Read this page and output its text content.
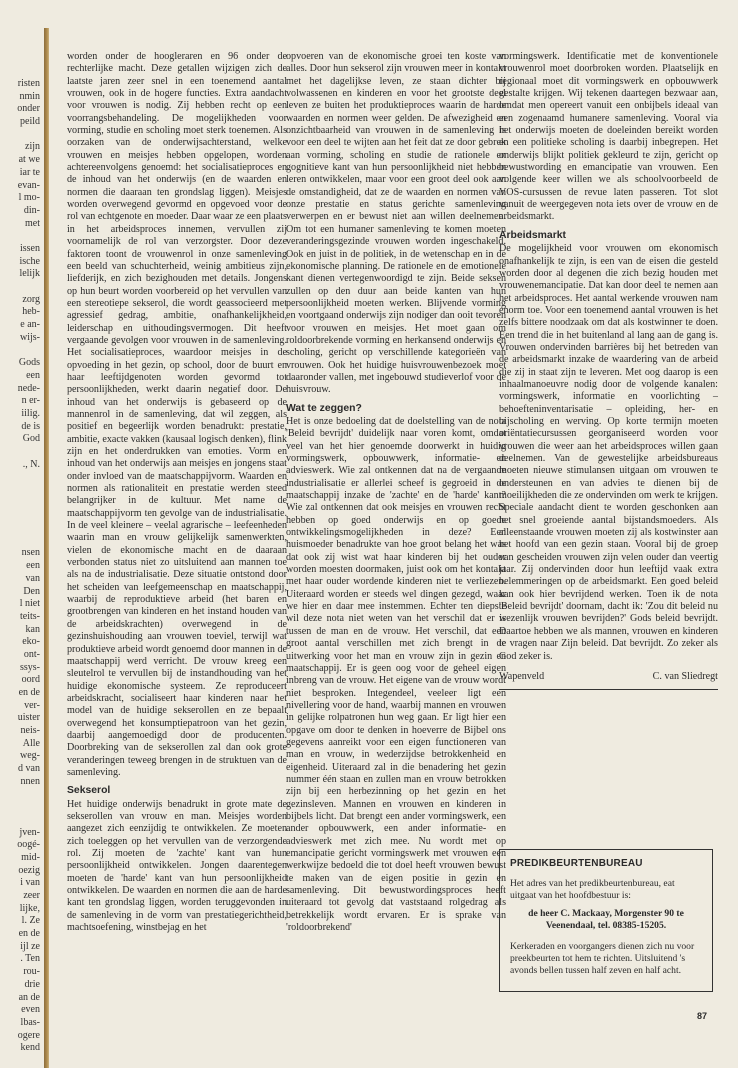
risten
nmin
onder
peild
zijn
at we
iar te
evan-
l mo-
din-
met
issen
ische
lelijk
zorg
heb-
e an-
wijs-
Gods
een
nede-
n er-
iilig.
de is
God
., N.
nsen
een
van
Den
l niet
teits-
kan
eko-
ont-
ssys-
oord
en de
ver-
uister
neis-
Alle
weg-
d van
nnen
jven-
oogé-
mid-
oezig
i van
zeer
lijke,
l. Ze
en de
ijl ze
. Ten
rou-
drie
an de
even
lbas-
ogere
kend

worden onder de hoogleraren en 96 onder de rechterlijke macht. Deze getallen wijzigen zich de laatste jaren zeer snel in een toenemend aantal vrouwen, ook in de hogere functies. Extra aandacht voor vrouwen is nodig. Zij hebben recht op een voorrangsbehandeling. De mogelijkheden voor vorming, studie en scholing moet sterk toenemen. Als oorzaken van de onderwijsachterstand, welke vrouwen en meisjes hebben opgelopen, worden achtereenvolgens genoemd: het socialisatieproces en de inhoud van het onderwijs (en de waarden en normen die daaraan ten grondslag liggen). Meisjes worden overwegend gevormd en opgevoed voor de rol van echtgenote en moeder. Daar waar ze een plaats in het arbeidsproces innemen, vervullen zij voornamelijk de rol van verzorgster. Door deze faktoren toont de vrouwenrol in onze samenleving een beeld van schuchterheid, weinig ambitieus zijn, liefderijk, en zich bezighouden met details. Jongens op hun beurt worden voorbereid op het vervullen van een stereotiepe sekserol, die wordt geassocieerd met agressief gedrag, ambitie, onafhankelijkheid, leiderschap en uithoudingsvermogen. Dit heeft vergaande gevolgen voor vrouwen in de samenleving. Het socialisatieproces, waardoor meisjes in de opvoeding in het gezin, op school, door de buurt en haar leeftijdgenoten worden gevormd tot persoonlijkheden, werkt daarin negatief door. De inhoud van het onderwijs is gebaseerd op de mannenrol in de samenleving, dat wil zeggen, als positief en begeerlijk worden benadrukt: prestatie, ambitie, exacte vakken (kausaal logisch denken), flink zijn en het onderdrukken van emoties. Vorm en inhoud van het onderwijs aan meisjes en jongens staat onder invloed van de maatschappijvorm. Waarden en normen als rationaliteit en prestatie werden steed belangrijker in de kultuur. Met name de maatschappijvorm ten gevolge van de industrialisatie. In de veel kleinere – veelal agrarische – leefeenheden waarin man en vrouw gelijkelijk samenwerkten, vielen de ekonomische macht en de daaraan verbonden status niet zo uitsluitend aan mannen toe als na de industrialisatie. Deze situatie ontstond door het scheiden van leefgemeenschap en maatschappij, waarbij de reproduktieve arbeid (het baren en grootbrengen van kinderen en het instand houden van de arbeidskrachten) overwegend in de gezinshuishouding aan vrouwen toeviel, terwijl wat produktieve arbeid wordt genoemd door mannen in de maatschappij werd verricht. De vrouw kreeg een sleutelrol te vervullen bij de instandhouding van het huidige ekonomische systeem. Ze reproduceert arbeidskracht, socialiseert haar kinderen naar het model van de huidige sekserollen en ze bepaalt overwegend het konsumptiepatroon van het gezin, daarbij aangemoedigd door de producenten. Doorbreking van de sekserollen zal dan ook grote veranderingen teweeg brengen in de struktuen van de samenleving.

Sekserol

Het huidige onderwijs benadrukt in grote mate de sekserollen van vrouw en man. Meisjes worden aangezet zich eenzijdig te ontwikkelen. Ze moeten zich toeleggen op het vervullen van de verzorgende rol. Zij moeten de 'zachte' kant van hun persoonlijkheid ontwikkelen. Jongen daarentegen moeten de 'harde' kant van hun persoonlijkheid ontwikkelen. De waarden en normen die aan de harde kant ten grondslag liggen, worden teruggevonden in de samenleving in de vorm van prestatiegerichtheid, machtsoefening, winstbejag en het

opvoeren van de ekonomische groei ten koste van alles. Door hun sekserol zijn vrouwen meer in kontakt met het dagelijkse leven, ze staan dichter bij volwassenen en kinderen en voor het grootste deel leven ze buiten het produktieproces waarin de harde waarden en normen weer gelden. De afwezigheid en onzichtbaarheid van vrouwen in de samenleving is voor een deel te wijten aan het feit dat ze door gebrek aan vorming, scholing en studie de rationele en gognitieve kant van hun persoonlijkheid niet hebben leren ontwikkelen, maar voor een groot deel ook aan de omstandigheid, dat ze de waarden en normen van onze prestatie en status gerichte samenleving verwerpen en er bewust niet aan willen deelnemen. Om tot een humaner samenleving te komen moeten veranderingsgezinde vrouwen worden ingeschakeld. Ook en juist in de politiek, in de wetenschap en in de ekonomische planning. De rationele en de emotionele kant dienen vertegenwoordigd te zijn. Beide seksen zullen op den duur aan beide kanten van hun persoonlijkheid moeten werken. Blijvende vorming en voortgaand onderwijs zijn nodiger dan ooit tevoren voor vrouwen en meisjes. Het moet gaan om roldoorbrekende vorming en herkansend onderwijs en scholing, gericht op verschillende kategorieën van vrouwen. Ook het huidige huisvrouwenbezoek moet daaronder vallen, met ingebouwd studieverlof voor de huisvrouw.

Wat te zeggen?

Het is onze bedoeling dat de doelstelling van de nota 'Beleid bevrijdt' duidelijk naar voren komt, omdat veel van het hier genoemde doorwerkt in huidig vormingswerk, opbouwwerk, informatie- en advieswerk. Wie zal ontkennen dat na de vergaande industrialisatie er allerlei scheef is gegroeid in de maatschappij inzake de 'zachte' en de 'harde' kant? Wie zal ontkennen dat ook meisjes en vrouwen recht hebben op goed onderwijs en op goede ontwikkelingsmogelijkheden in deze? Een huismoeder benadrukte van hoe groot belang het was dat ook zij wist wat haar kinderen bij het ouder worden moesten doormaken, juist ook om het kontakt met haar ouder wordende kinderen niet te verliezen. Uiteraard worden er steeds wel dingen gezegd, waar we hier en daar mee instemmen. Echter ten diepste wil deze nota niet weten van het verschil dat er is tussen de man en de vrouw. Het verschil, dat een groot aantal verschillen met zich brengt in de uitwerking voor het man en vrouw zijn in gezin en maatschappij. Er is geen oog voor de geheel eigen inbreng van de vrouw. Het eigene van de vrouw wordt niet besproken. Integendeel, veeleer ligt een nivellering voor de hand, waarbij mannen en vrouwen in gelijke rolpatronen hun weg gaan. Er ligt hier een opgave om door te denken in hoeverre de Bijbel ons gegevens aanreikt voor een eigen functioneren van man en vrouw, in wederzijdse betrokkenheid en eigenheid. Uiteraard zal in die benadering het gezin nummer één staan en zullen man en vrouw betrokken zijn bij een herbezinning op het gezin en het gezinsleven. Mannen en vrouwen en kinderen in bijbels licht. Dat brengt een ander vormingswerk, een ander opbouwwerk, een ander informatie- en advieswerk met zich mee. Nu wordt met op emancipatie gericht vormingswerk met vrouwen een werkwijze bedoeld die tot doel heeft vrouwen bewust te maken van de eigen positie in gezin en samenleving. Dit bewustwordingsproces heeft uiteraard tot gevolg dat vaststaand rolgedrag als betrekkelijk wordt ervaren. Er is sprake van 'roldoorbrekend'

vormingswerk. Identificatie met de konventionele vrouwenrol moet doorbroken worden. Plaatselijk en regionaal moet dit vormingswerk en opbouwwerk gestalte krijgen. Wij tekenen daartegen bezwaar aan, omdat men opereert vanuit een onbijbels ideaal van een zogenaamd humanere samenleving. Vooral via het onderwijs moeten de doeleinden bereikt worden en een politieke scholing is daarbij inbegrepen. Het onderwijs blijkt politiek gekleurd te zijn, gericht op bewustwording en emancipatie van vrouwen. Een volgende keer willen we als schoolvoorbeeld de VOS-cursussen de revue laten passeren. Tot slot vanuit de weergegeven nota iets over de vrouw en de arbeidsmarkt.

Arbeidsmarkt

De mogelijkheid voor vrouwen om ekonomisch onafhankelijk te zijn, is een van de eisen die gesteld worden door al degenen die zich bezig houden met vrouwenemancipatie. Dat kan door deel te nemen aan het arbeidsproces. Het aantal werkende vrouwen nam enorm toe. Voor een toenemend aantal vrouwen is het zelfs bittere noodzaak om dat als kostwinner te doen. Een trend die in het buitenland al lang aan de gang is. Vrouwen ondervinden barrières bij het betreden van de arbeidsmarkt inzake de waardering van de arbeid die zij in staat zijn te leveren. Met oog daarop is een inhaalmanoeuvre nodig door de volgende kanalen: vormingswerk, informatie en voorlichting – behoefteninventarisatie – opleiding, her- en bijscholing en werving. Op korte termijn moeten oriëntatiecursussen georganiseerd worden voor vrouwen die weer aan het arbeidsproces willen gaan deelnemen. Van de gewestelijke arbeidsbureaus moeten nieuwe stimulansen uitgaan om vrouwen te ondersteunen en van advies te dienen bij de moeilijkheden die ze ondervinden om werk te krijgen. Speciale aandacht dient te worden geschonken aan het snel groeiende aantal bijstandsmoeders. Als alleenstaande vrouwen moeten zij als kostwinster aan het hoofd van een gezin staan. Vooral bij de groep van gescheiden vrouwen zijn velen ouder dan veertig jaar. Zij ondervinden door hun leeftijd vaak extra belemmeringen op de arbeidsmarkt. Een goed beleid kan ook hier bevrijdend werken. Toen ik de nota 'Beleid bevrijdt' doornam, dacht ik: 'Zou dit beleid nu wezenlijk vrouwen bevrijden?' Gods beleid bevrijdt. Daartoe hebben we als mannen, vrouwen en kinderen te vragen naar Zijn beleid. Dat bevrijdt. Zo zeker als God zeker is.

Wapenveld	C. van Sliedregt
PREDIKBEURTENBUREAU

Het adres van het predikbeurtenbureau, eat uitgaat van het hoofdbestuur is:

de heer C. Mackaay, Morgenster 90 te Veenendaal, tel. 08385-15205.

Kerkeraden en voorgangers dienen zich nu voor preekbeurten tot hem te richten. Uitsluitend 's avonds bellen tussen half zeven en half acht.

87
